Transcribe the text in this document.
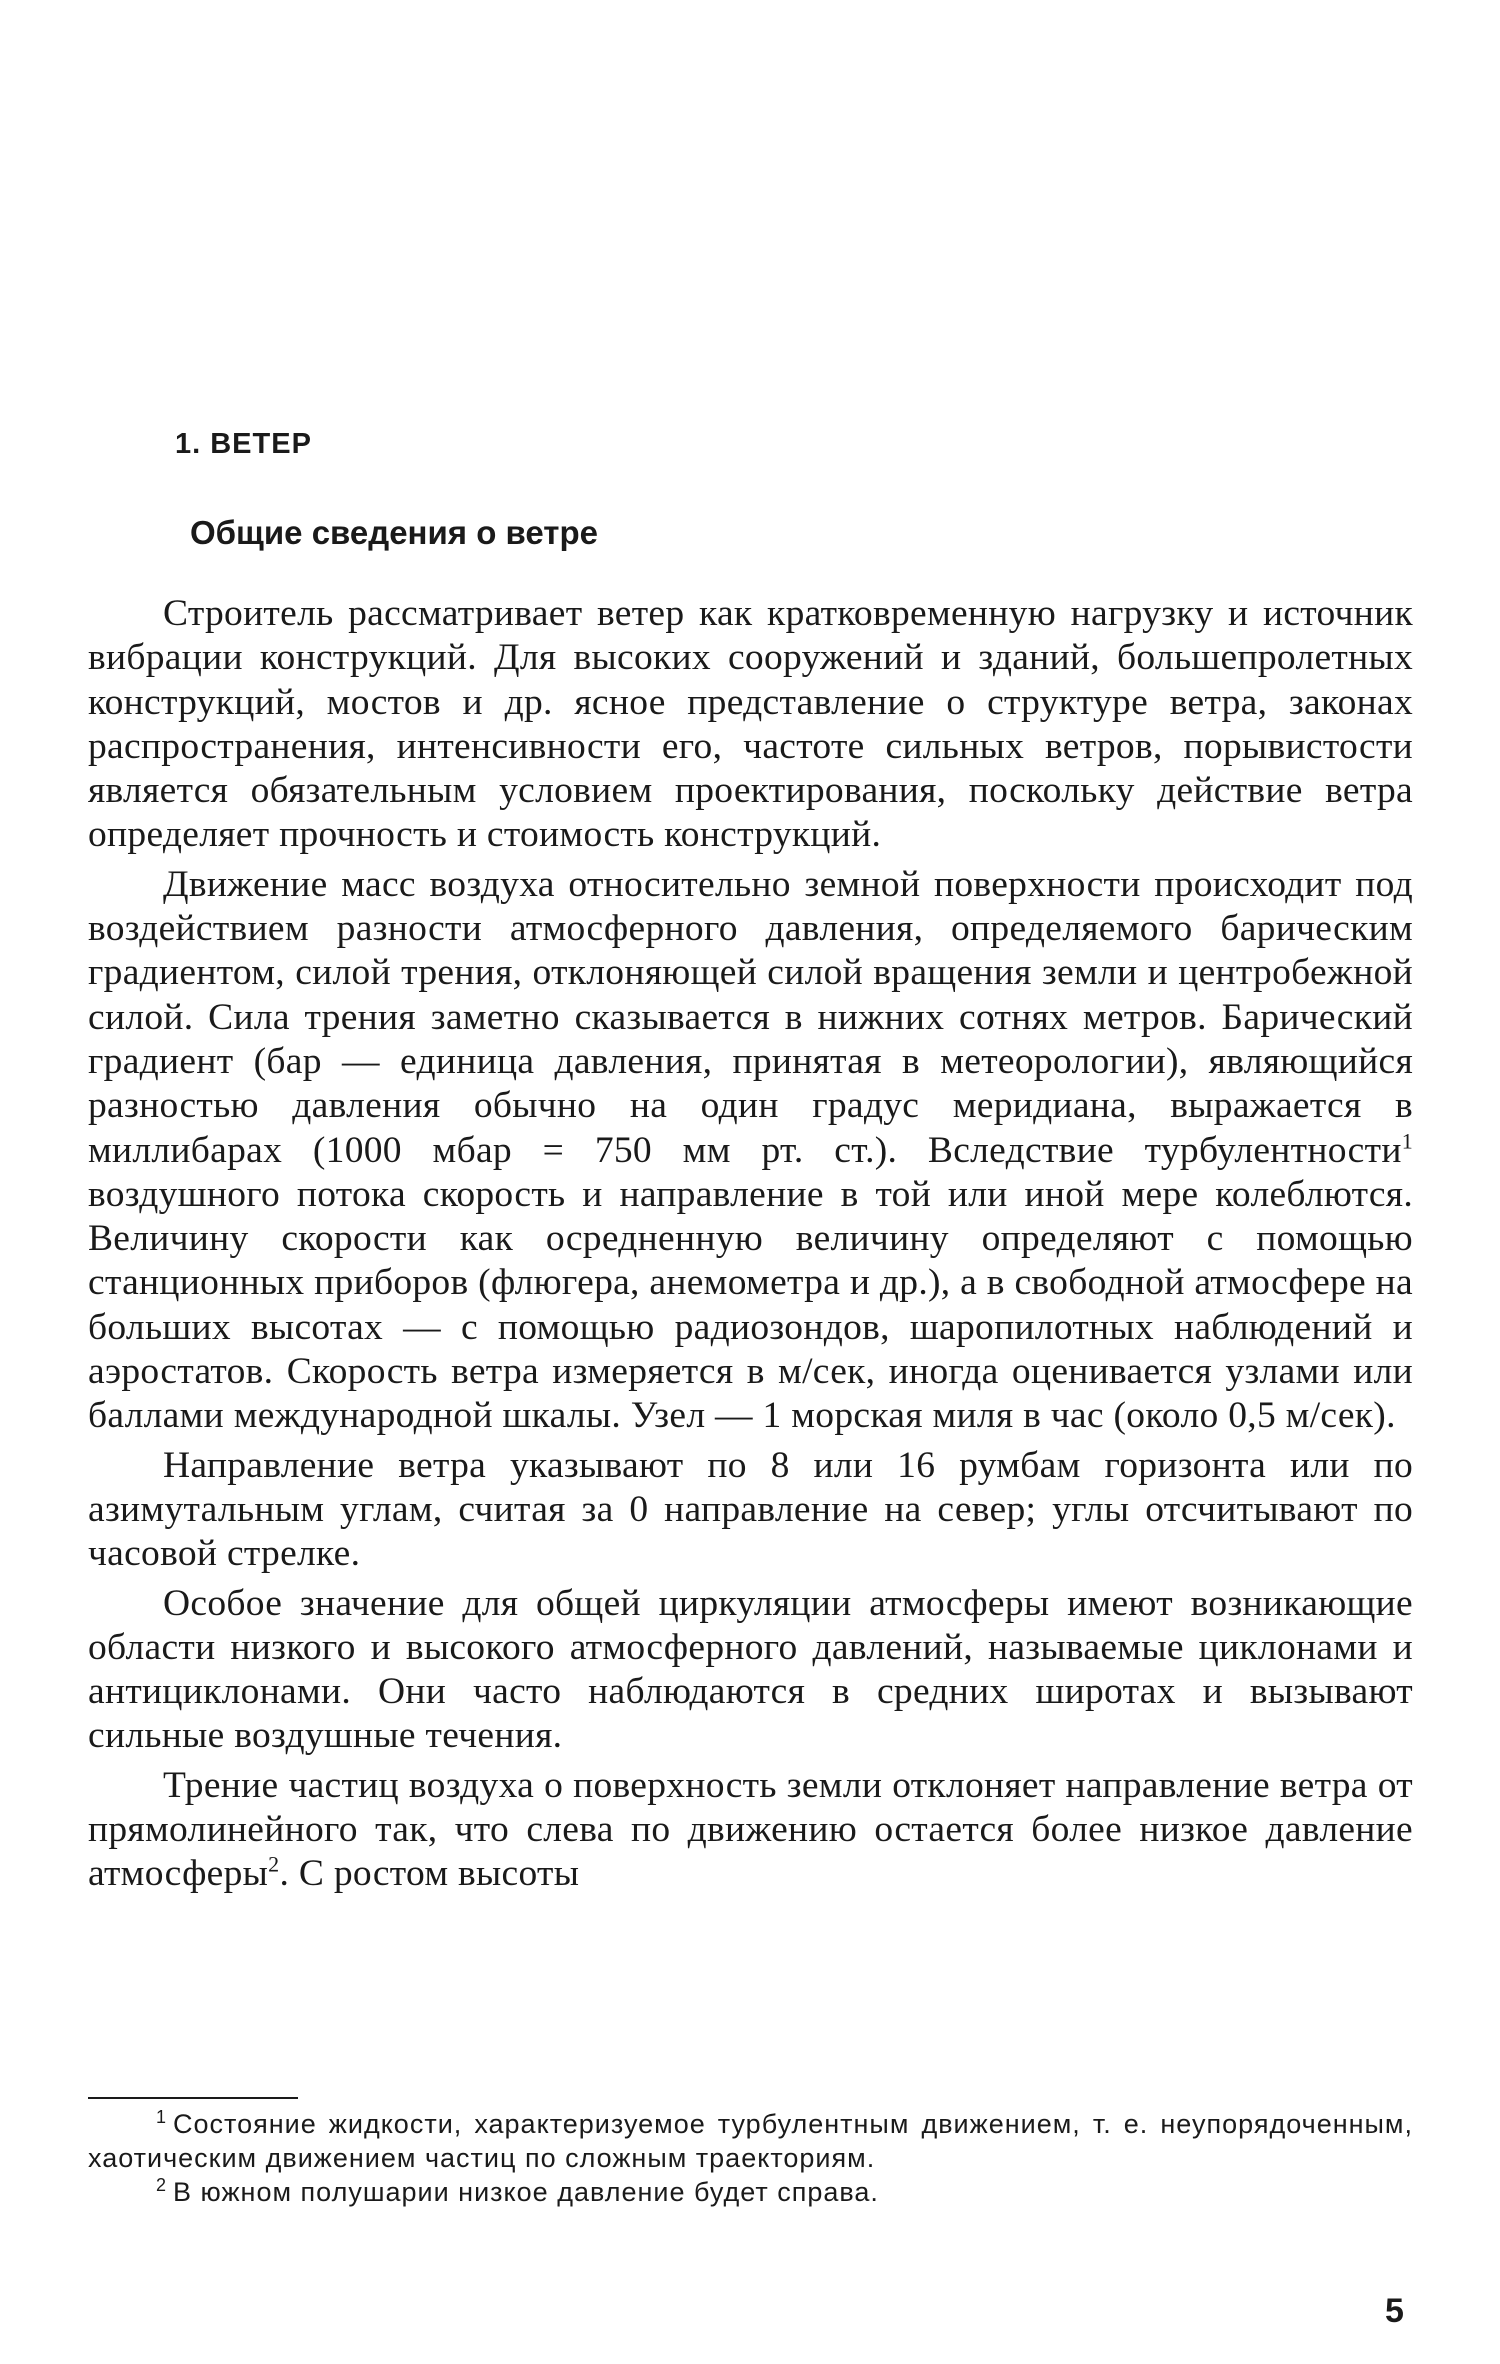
1. ВЕТЕР
Общие сведения о ветре

Строитель рассматривает ветер как кратковременную нагрузку и источник вибрации конструкций. Для высоких сооружений и зданий, большепролетных конструкций, мостов и др. ясное представление о структуре ветра, законах распространения, интенсивности его, частоте сильных ветров, порывистости является обязательным условием проектирования, поскольку действие ветра определяет прочность и стоимость конструкций.

Движение масс воздуха относительно земной поверхности происходит под воздействием разности атмосферного давления, определяемого барическим градиентом, силой трения, отклоняющей силой вращения земли и центробежной силой. Сила трения заметно сказывается в нижних сотнях метров. Барический градиент (бар — единица давления, принятая в метеорологии), являющийся разностью давления обычно на один градус меридиана, выражается в миллибарах (1000 мбар = 750 мм рт. ст.). Вследствие турбулентности$^1$ воздушного потока скорость и направление в той или иной мере колеблются. Величину скорости как осредненную величину определяют с помощью станционных приборов (флюгера, анемометра и др.), а в свободной атмосфере на больших высотах — с помощью радиозондов, шаропилотных наблюдений и аэростатов. Скорость ветра измеряется в м/сек, иногда оценивается узлами или баллами международной шкалы. Узел — 1 морская миля в час (около 0,5 м/сек).

Направление ветра указывают по 8 или 16 румбам горизонта или по азимутальным углам, считая за 0 направление на север; углы отсчитывают по часовой стрелке.

Особое значение для общей циркуляции атмосферы имеют возникающие области низкого и высокого атмосферного давлений, называемые циклонами и антициклонами. Они часто наблюдаются в средних широтах и вызывают сильные воздушные течения.

Трение частиц воздуха о поверхность земли отклоняет направление ветра от прямолинейного так, что слева по движению остается более низкое давление атмосферы$^2$. С ростом высоты

$^1$ Состояние жидкости, характеризуемое турбулентным движением, т. е. неупорядоченным, хаотическим движением частиц по сложным траекториям.

$^2$ В южном полушарии низкое давление будет справа.

5
